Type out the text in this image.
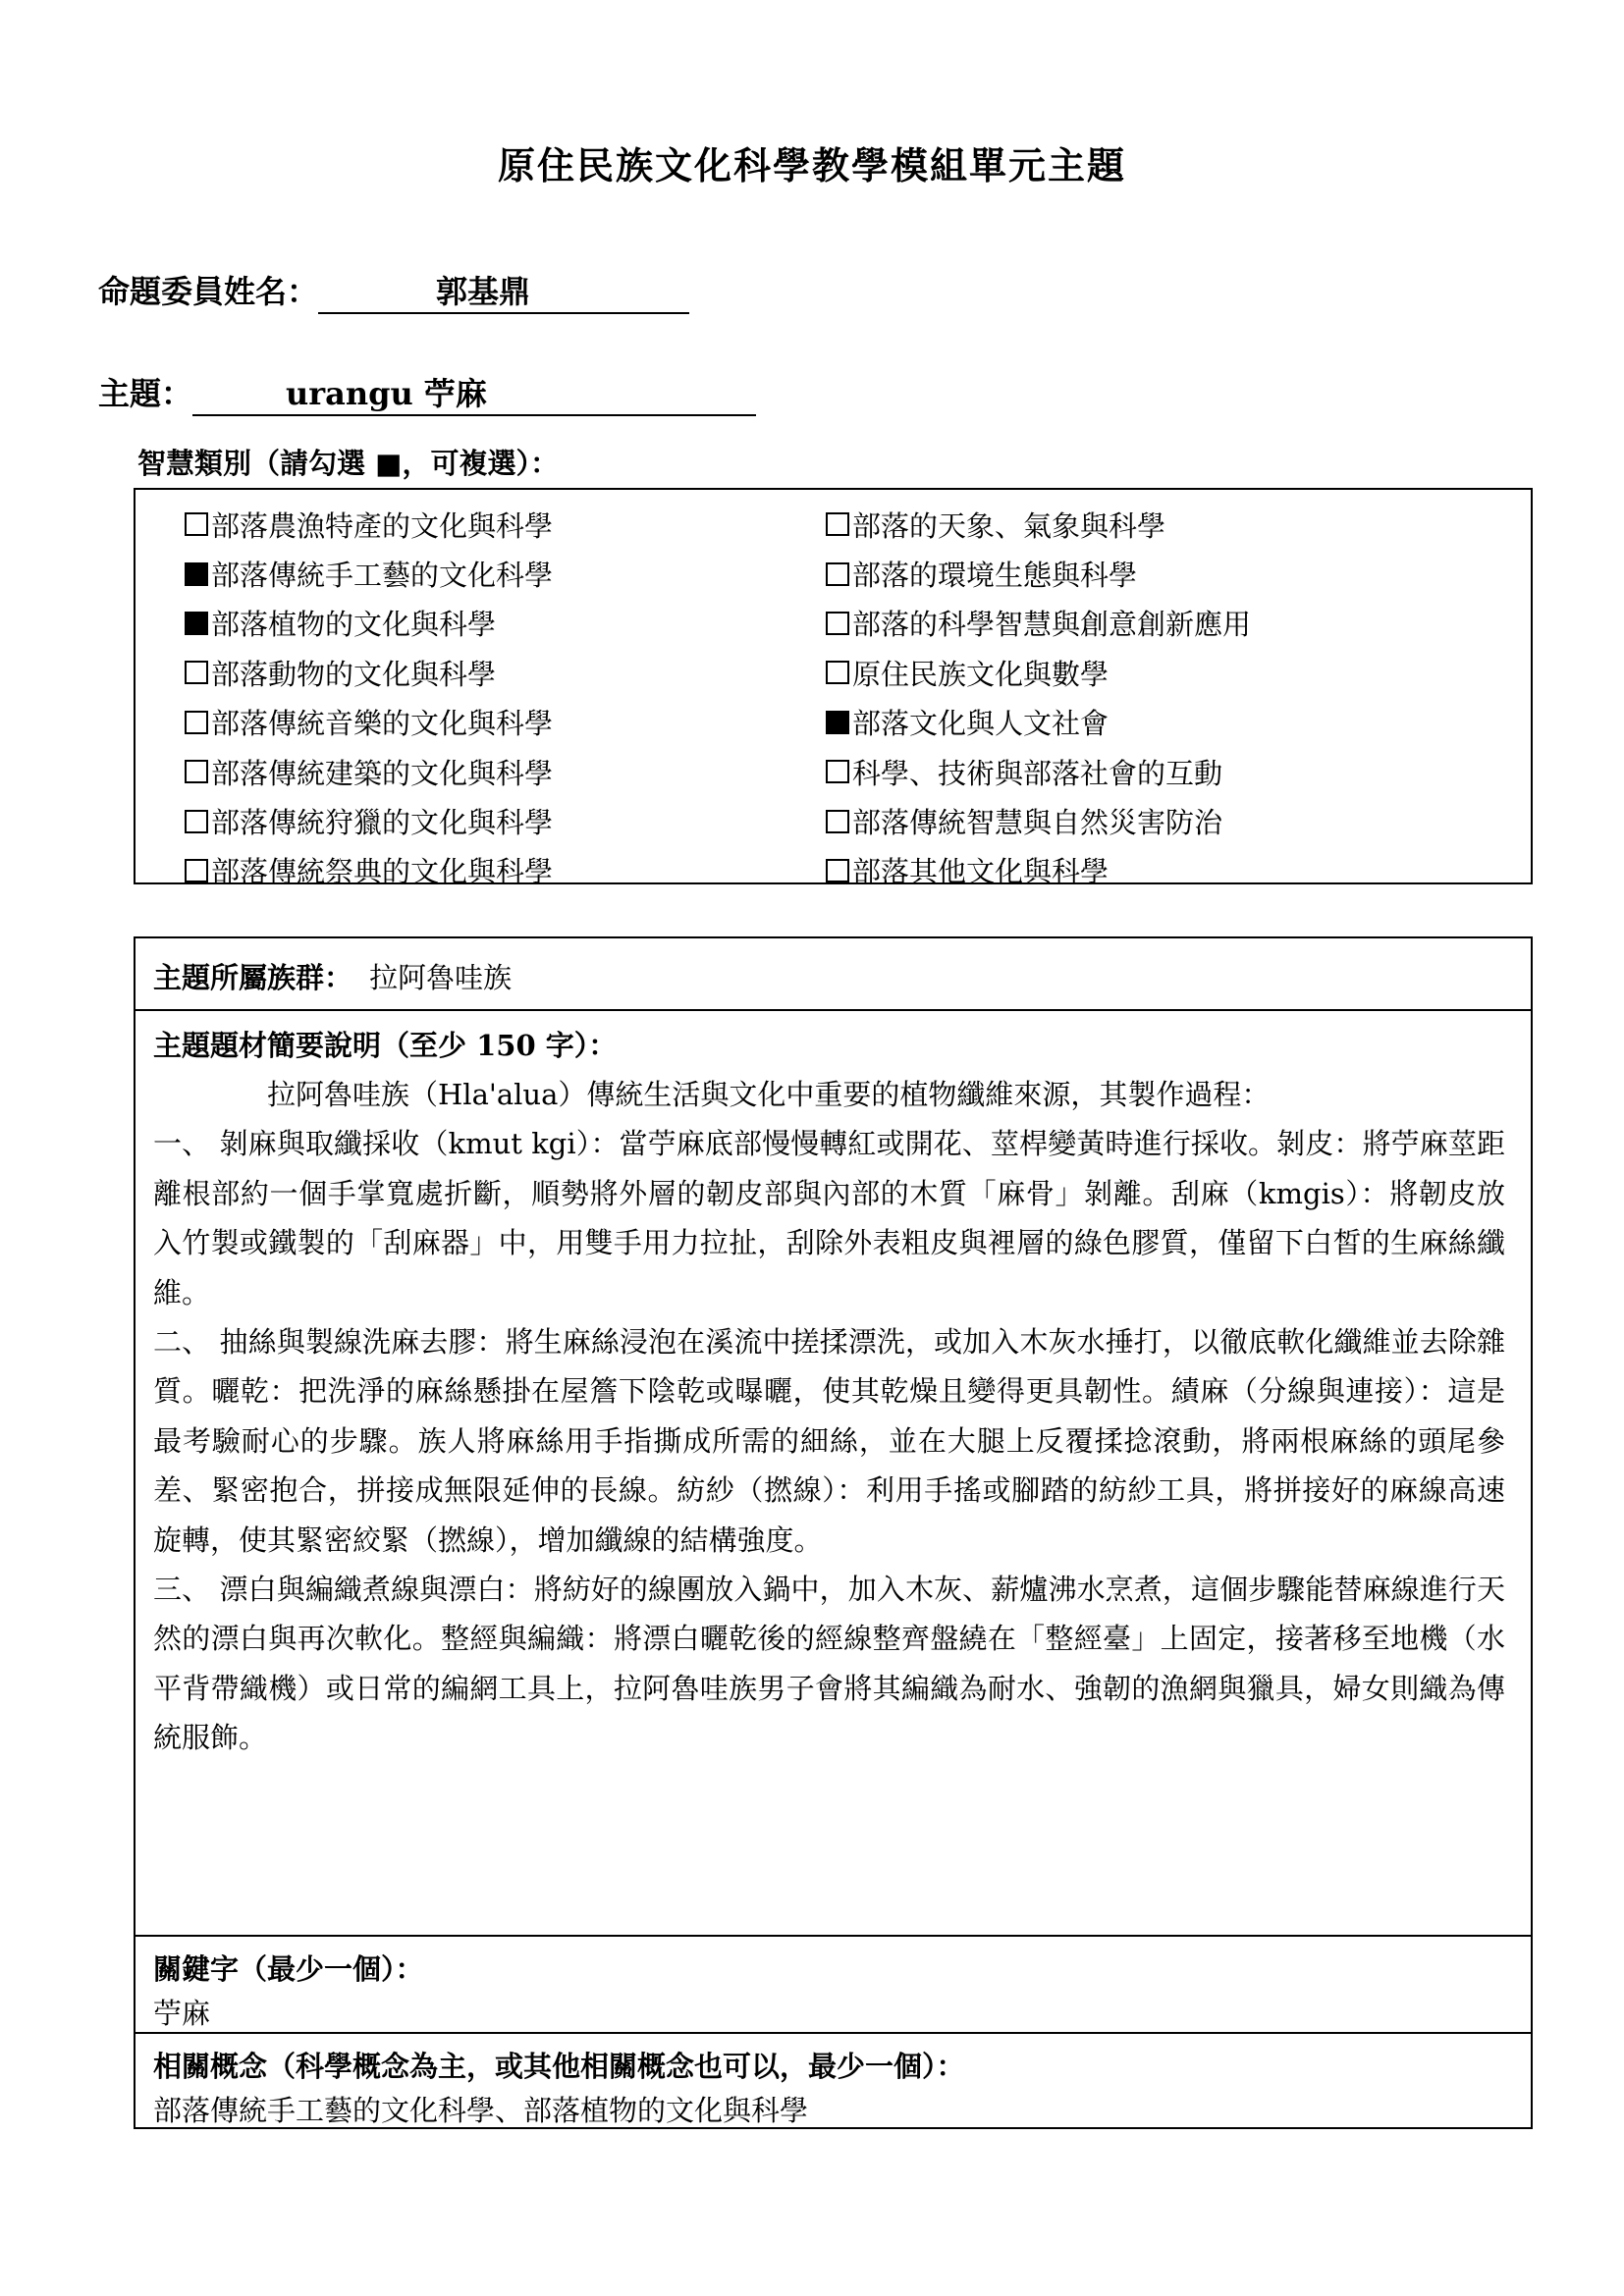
原住民族文化科學教學模組單元主題
命題委員姓名：	郭基鼎
主題：	urangu 苧麻
智慧類別（請勾選 ■，可複選）：
部落農漁特產的文化與科學
部落傳統手工藝的文化科學
部落植物的文化與科學
部落動物的文化與科學
部落傳統音樂的文化與科學
部落傳統建築的文化與科學
部落傳統狩獵的文化與科學
部落傳統祭典的文化與科學
部落的天象、氣象與科學
部落的環境生態與科學
部落的科學智慧與創意創新應用
原住民族文化與數學
部落文化與人文社會
科學、技術與部落社會的互動
部落傳統智慧與自然災害防治
部落其他文化與科學
主題所屬族群： 拉阿魯哇族
主題題材簡要說明（至少 150 字）：

拉阿魯哇族（Hla'alua）傳統生活與文化中重要的植物纖維來源，其製作過程：

一、 剝麻與取纖採收（kmut kgi）：當苧麻底部慢慢轉紅或開花、莖桿變黃時進行採收。剝皮：將苧麻莖距離根部約一個手掌寬處折斷，順勢將外層的韌皮部與內部的木質「麻骨」剝離。刮麻（kmgis）：將韌皮放入竹製或鐵製的「刮麻器」中，用雙手用力拉扯，刮除外表粗皮與裡層的綠色膠質，僅留下白皙的生麻絲纖維。

二、 抽絲與製線洗麻去膠：將生麻絲浸泡在溪流中搓揉漂洗，或加入木灰水捶打，以徹底軟化纖維並去除雜質。曬乾：把洗淨的麻絲懸掛在屋簷下陰乾或曝曬，使其乾燥且變得更具韌性。績麻（分線與連接）：這是最考驗耐心的步驟。族人將麻絲用手指撕成所需的細絲，並在大腿上反覆揉捻滾動，將兩根麻絲的頭尾參差、緊密抱合，拼接成無限延伸的長線。紡紗（撚線）：利用手搖或腳踏的紡紗工具，將拼接好的麻線高速旋轉，使其緊密絞緊（撚線），增加纖線的結構強度。

三、 漂白與編織煮線與漂白：將紡好的線團放入鍋中，加入木灰、薪爐沸水烹煮，這個步驟能替麻線進行天然的漂白與再次軟化。整經與編織：將漂白曬乾後的經線整齊盤繞在「整經臺」上固定，接著移至地機（水平背帶織機）或日常的編網工具上，拉阿魯哇族男子會將其編織為耐水、強韌的漁網與獵具，婦女則織為傳統服飾。

關鍵字（最少一個）：
苧麻
相關概念（科學概念為主，或其他相關概念也可以，最少一個）：
部落傳統手工藝的文化科學、部落植物的文化與科學
